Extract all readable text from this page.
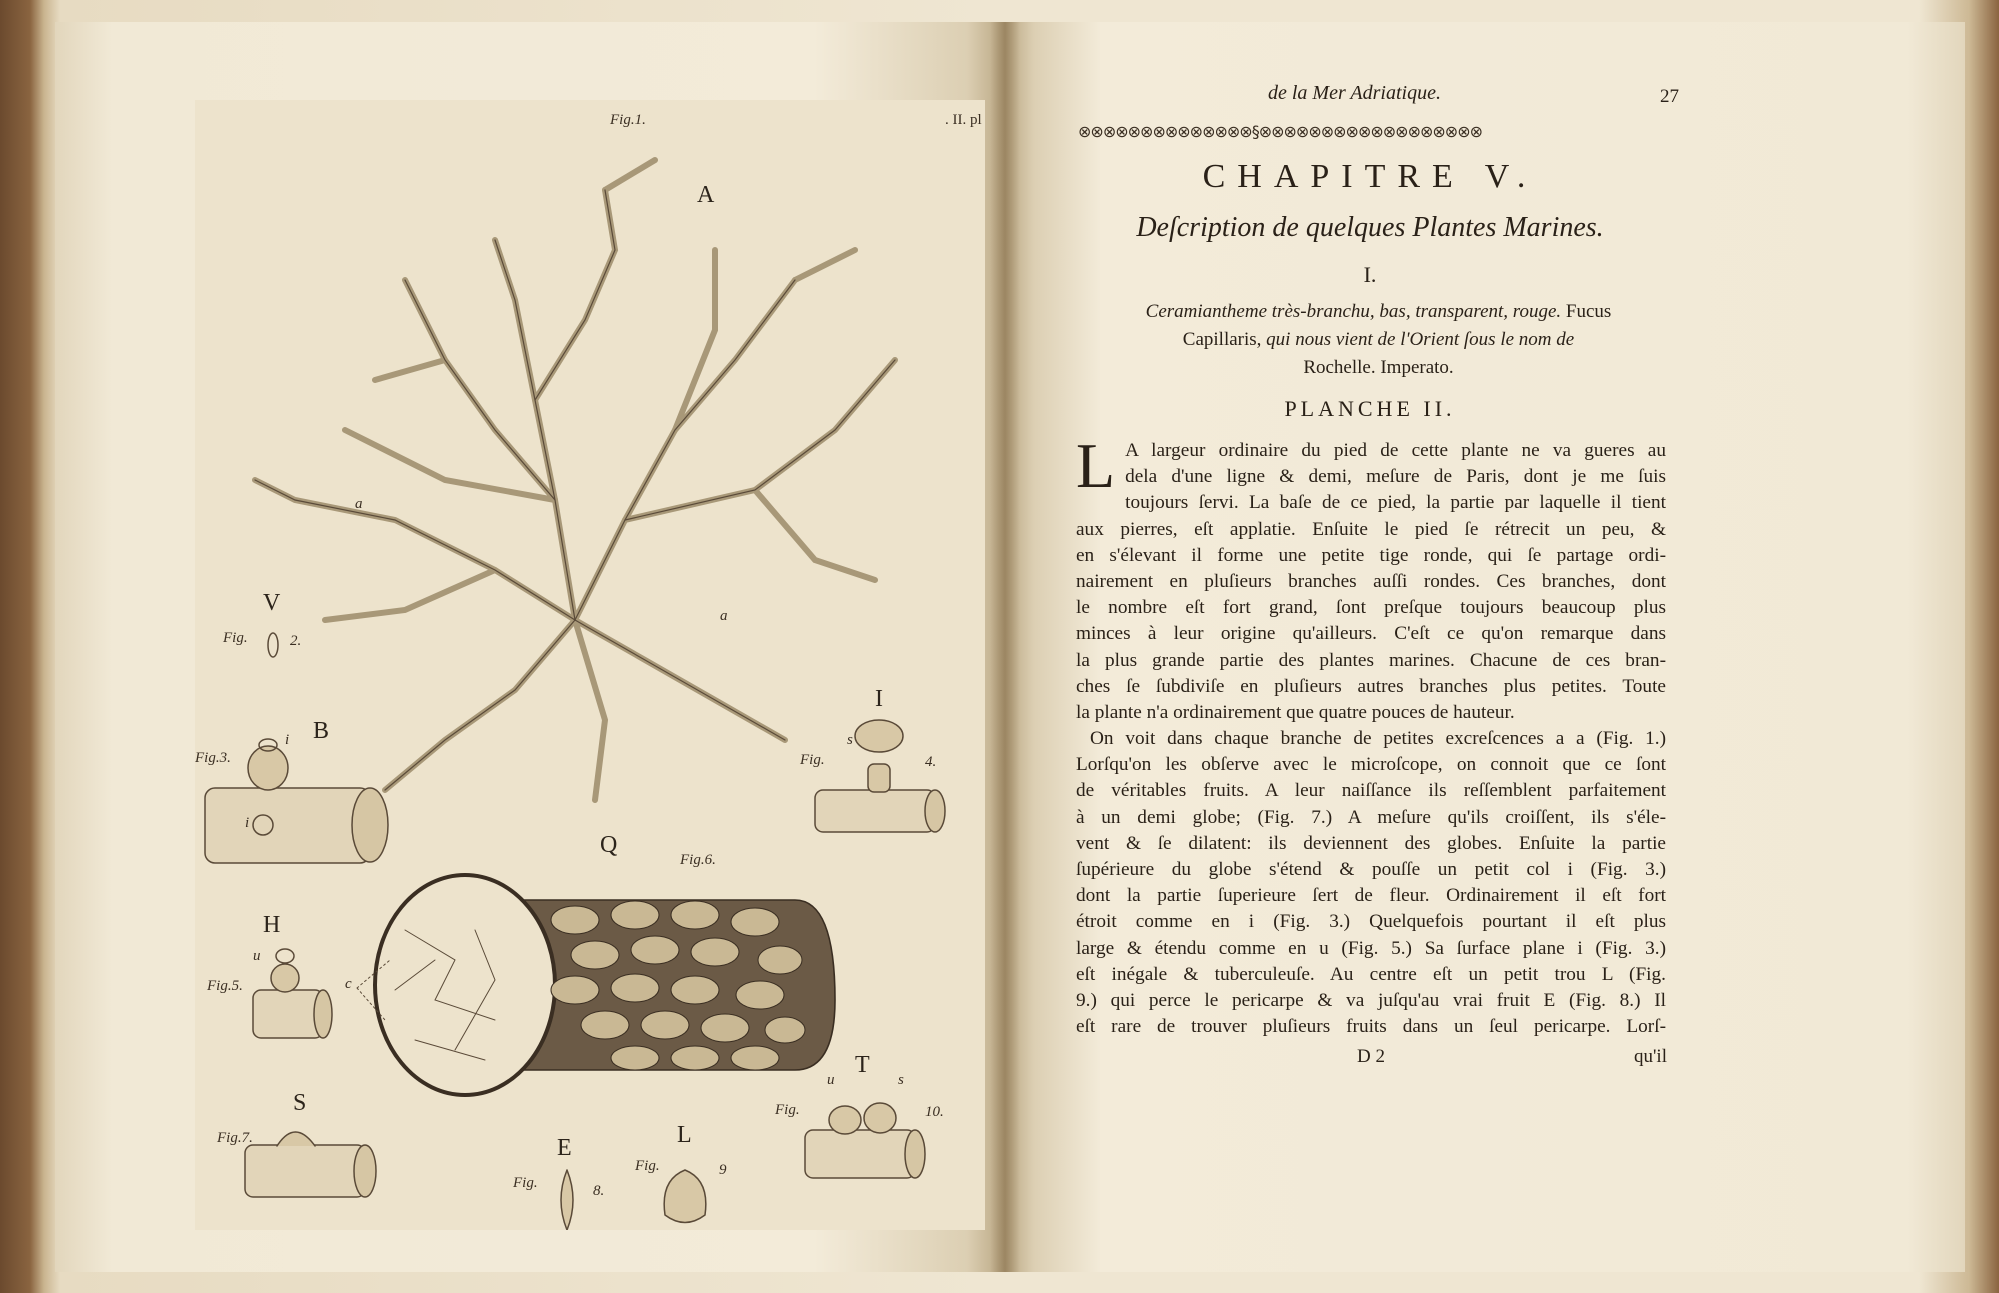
Fig.1.	. II. pl
A
a
a
V
Fig.	2.
B
i
Fig.3.
i
I
s
Fig.	4.
Q
Fig.6.
H
u
Fig.5.	c
S
Fig.7.	E
Fig.	8.
L
Fig.	9
T
u	s
Fig.	10.
de la Mer Adriatique.	27
⊗⊗⊗⊗⊗⊗⊗⊗⊗⊗⊗⊗⊗⊗§⊗⊗⊗⊗⊗⊗⊗⊗⊗⊗⊗⊗⊗⊗⊗⊗⊗⊗
CHAPITRE V.
Deſcription de quelques Plantes Marines.
I.
Ceramiantheme très-branchu, bas, transparent, rouge. Fucus
Capillaris, qui nous vient de l'Orient ſous le nom de
Rochelle. Imperato.
PLANCHE II.
L A largeur ordinaire du pied de cette plante ne va gueres au
dela d'une ligne & demi, meſure de Paris, dont je me ſuis
toujours ſervi. La baſe de ce pied, la partie par laquelle il tient
aux pierres, eſt applatie. Enſuite le pied ſe rétrecit un peu, &
en s'élevant il forme une petite tige ronde, qui ſe partage ordi-
nairement en pluſieurs branches auſſi rondes. Ces branches, dont
le nombre eſt fort grand, ſont preſque toujours beaucoup plus
minces à leur origine qu'ailleurs. C'eſt ce qu'on remarque dans
la plus grande partie des plantes marines. Chacune de ces bran-
ches ſe ſubdiviſe en pluſieurs autres branches plus petites. Toute
la plante n'a ordinairement que quatre pouces de hauteur.
On voit dans chaque branche de petites excreſcences a a (Fig. 1.)
Lorſqu'on les obſerve avec le microſcope, on connoit que ce ſont
de véritables fruits. A leur naiſſance ils reſſemblent parfaitement
à un demi globe; (Fig. 7.) A meſure qu'ils croiſſent, ils s'éle-
vent & ſe dilatent: ils deviennent des globes. Enſuite la partie
ſupérieure du globe s'étend & pouſſe un petit col i (Fig. 3.)
dont la partie ſuperieure ſert de fleur. Ordinairement il eſt fort
étroit comme en i (Fig. 3.) Quelquefois pourtant il eſt plus
large & étendu comme en u (Fig. 5.) Sa ſurface plane i (Fig. 3.)
eſt inégale & tuberculeuſe. Au centre eſt un petit trou L (Fig.
9.) qui perce le pericarpe & va juſqu'au vrai fruit E (Fig. 8.) Il
eſt rare de trouver pluſieurs fruits dans un ſeul pericarpe. Lorſ-
D 2	qu'il
